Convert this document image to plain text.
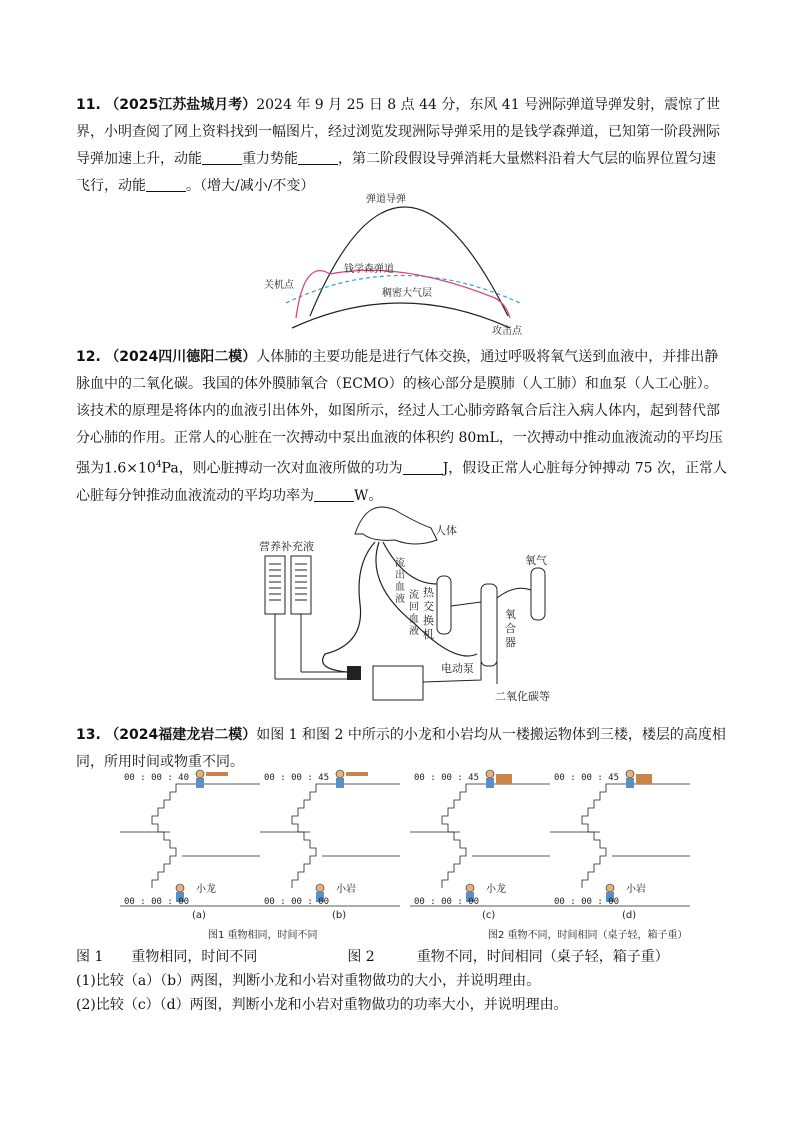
11. （2025江苏盐城月考）2024 年 9 月 25 日 8 点 44 分，东风 41 号洲际弹道导弹发射，震惊了世界，小明查阅了网上资料找到一幅图片，经过浏览发现洲际导弹采用的是钱学森弹道，已知第一阶段洲际导弹加速上升，动能	重力势能	，第二阶段假设导弹消耗大量燃料沿着大气层的临界位置匀速飞行，动能	。（增大/减小/不变）
弹道导弹
钱学森弹道
关机点
稠密大气层
攻击点
12. （2024四川德阳二模）人体肺的主要功能是进行气体交换，通过呼吸将氧气送到血液中，并排出静脉血中的二氧化碳。我国的体外膜肺氧合（ECMO）的核心部分是膜肺（人工肺）和血泵（人工心脏）。该技术的原理是将体内的血液引出体外，如图所示，经过人工心肺旁路氧合后注入病人体内，起到替代部分心肺的作用。正常人的心脏在一次搏动中泵出血液的体积约 80mL，一次搏动中推动血液流动的平均压强为$1.6\times 10^4Pa$，则心脏搏动一次对血液所做的功为	J，假设正常人心脏每分钟搏动 75 次，正常人心脏每分钟推动血液流动的平均功率为	W。
营养补充液
人体
流
出
血
液 流
回
血
液
热
交
换
机
氧
合
器
氧气
电动泵
二氧化碳等
13. （2024福建龙岩二模）如图 1 和图 2 中所示的小龙和小岩均从一楼搬运物体到三楼，楼层的高度相同，所用时间或物重不同。
00 : 00 : 40
00 : 00 : 00
小龙
(a)
00 : 00 : 45
00 : 00 : 00
小岩
(b)
00 : 00 : 45
00 : 00 : 00
小龙
(c)
00 : 00 : 45
00 : 00 : 00
小岩
(d)
图1 重物相同，时间不同	图2 重物不同，时间相同（桌子轻，箱子重）
图 1　　重物相同，时间不同	图 2　　　重物不同，时间相同（桌子轻，箱子重）
(1)比较（a）（b）两图，判断小龙和小岩对重物做功的大小，并说明理由。
(2)比较（c）（d）两图，判断小龙和小岩对重物做功的功率大小，并说明理由。
